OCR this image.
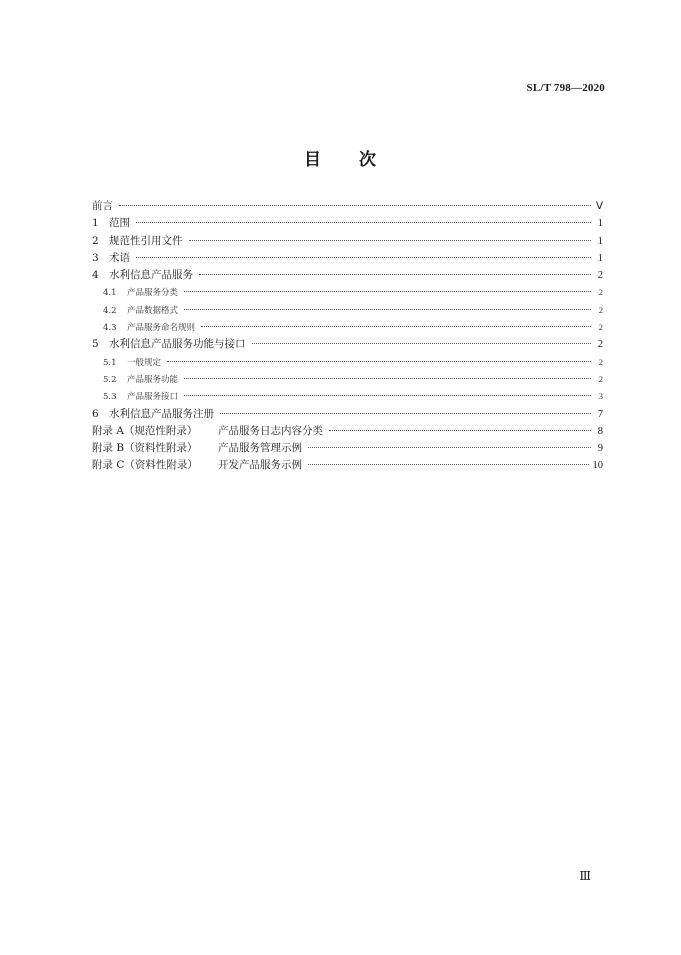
SL/T 798—2020
目 次
前言	Ⅴ
1 范围	1
2 规范性引用文件	1
3 术语	1
4 水利信息产品服务	2
4.1	产品服务分类	2
4.2	产品数据格式	2
4.3	产品服务命名规则	2
5 水利信息产品服务功能与接口	2
5.1	一般规定	2
5.2	产品服务功能	2
5.3	产品服务接口	3
6 水利信息产品服务注册	7
附录 A（规范性附录）	产品服务日志内容分类	8
附录 B（资料性附录）	产品服务管理示例	9
附录 C（资料性附录）	开发产品服务示例	10
Ⅲ
